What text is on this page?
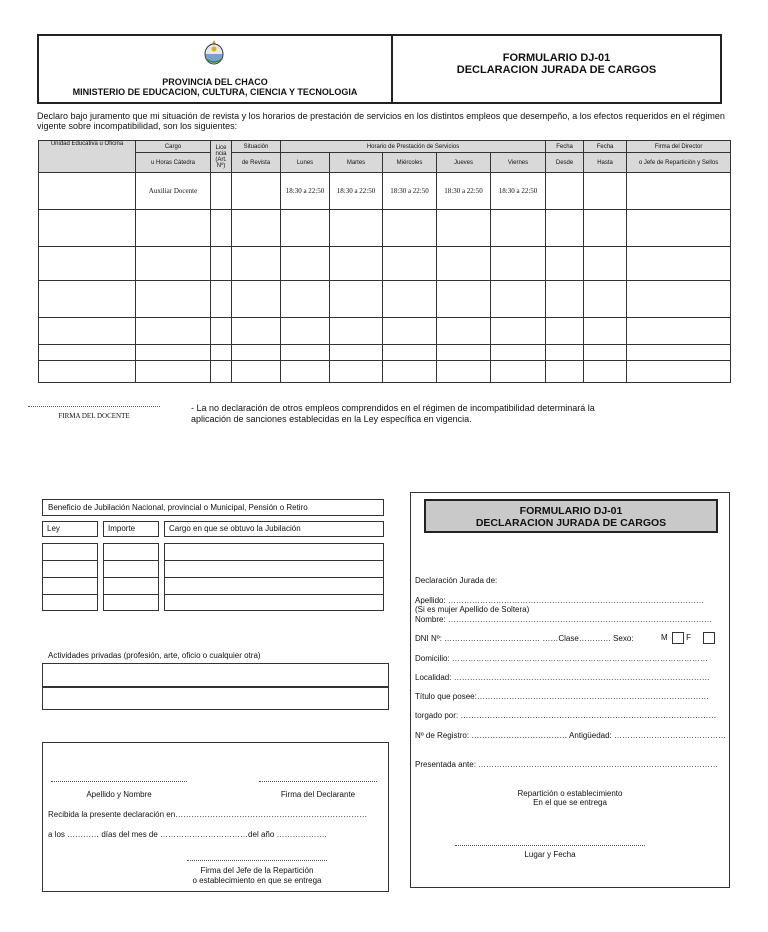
PROVINCIA DEL CHACO
MINISTERIO DE EDUCACION, CULTURA, CIENCIA Y TECNOLOGIA
FORMULARIO DJ-01
DECLARACION JURADA DE CARGOS
Declaro bajo juramento que mi situación de revista y los horarios de prestación de servicios en los distintos empleos que desempeño, a los efectos requeridos en el régimen vigente sobre incompatibilidad, son los siguientes:
Unidad Educativa u Oficina	Cargo	Lice ncia (Art. Nº)	Situación	Horario de Prestación de Servicios					Fecha	Fecha	Firma del Director
	u Horas Cátedra		de Revista	Lunes	Martes	Miércoles	Jueves	Viernes	Desde	Hasta	o Jefe de Repartición y Sellos
	Auxiliar Docente			18:30 a 22:50	18:30 a 22:50	18:30 a 22:50	18:30 a 22:50	18:30 a 22:50			

FIRMA DEL DOCENTE
- La no declaración de otros empleos comprendidos en el régimen de incompatibilidad determinará la aplicación de sanciones establecidas en la Ley específica en vigencia.
Beneficio de Jubilación Nacional, provincial o Municipal, Pensión o Retiro
Ley	Importe	Cargo en que se obtuvo la Jubilación
Actividades privadas (profesión, arte, oficio o cualquier otra)
Apellido y Nombre	Firma del Declarante
Recibida la presente declaración en………………………………………………………………
a los ………… días del mes de ……………………………del año ……………….
Firma del Jefe de la Repartición
o establecimiento en que se entrega
FORMULARIO DJ-01
DECLARACION JURADA DE CARGOS
Declaración Jurada de:
Apellido: ……………………………………………………………………………………
(Si es mujer Apellido de Soltera)
Nombre: ………………………………………………………………………………………
DNI Nº: ……………………………… ……Clase………… Sexo:	M F
Domicilio: ……………………………………………………………………………………
Localidad: ……………………………………………………………………………………
Título que posee:……………………………………………………………………………
torgado por: ……………………………………………………………………………………
Nº de Registro: ……………………………… Antigüedad: ……………………………………
Presentada ante: ………………………………………………………………………………
Repartición o establecimiento
En el que se entrega
Lugar y Fecha
